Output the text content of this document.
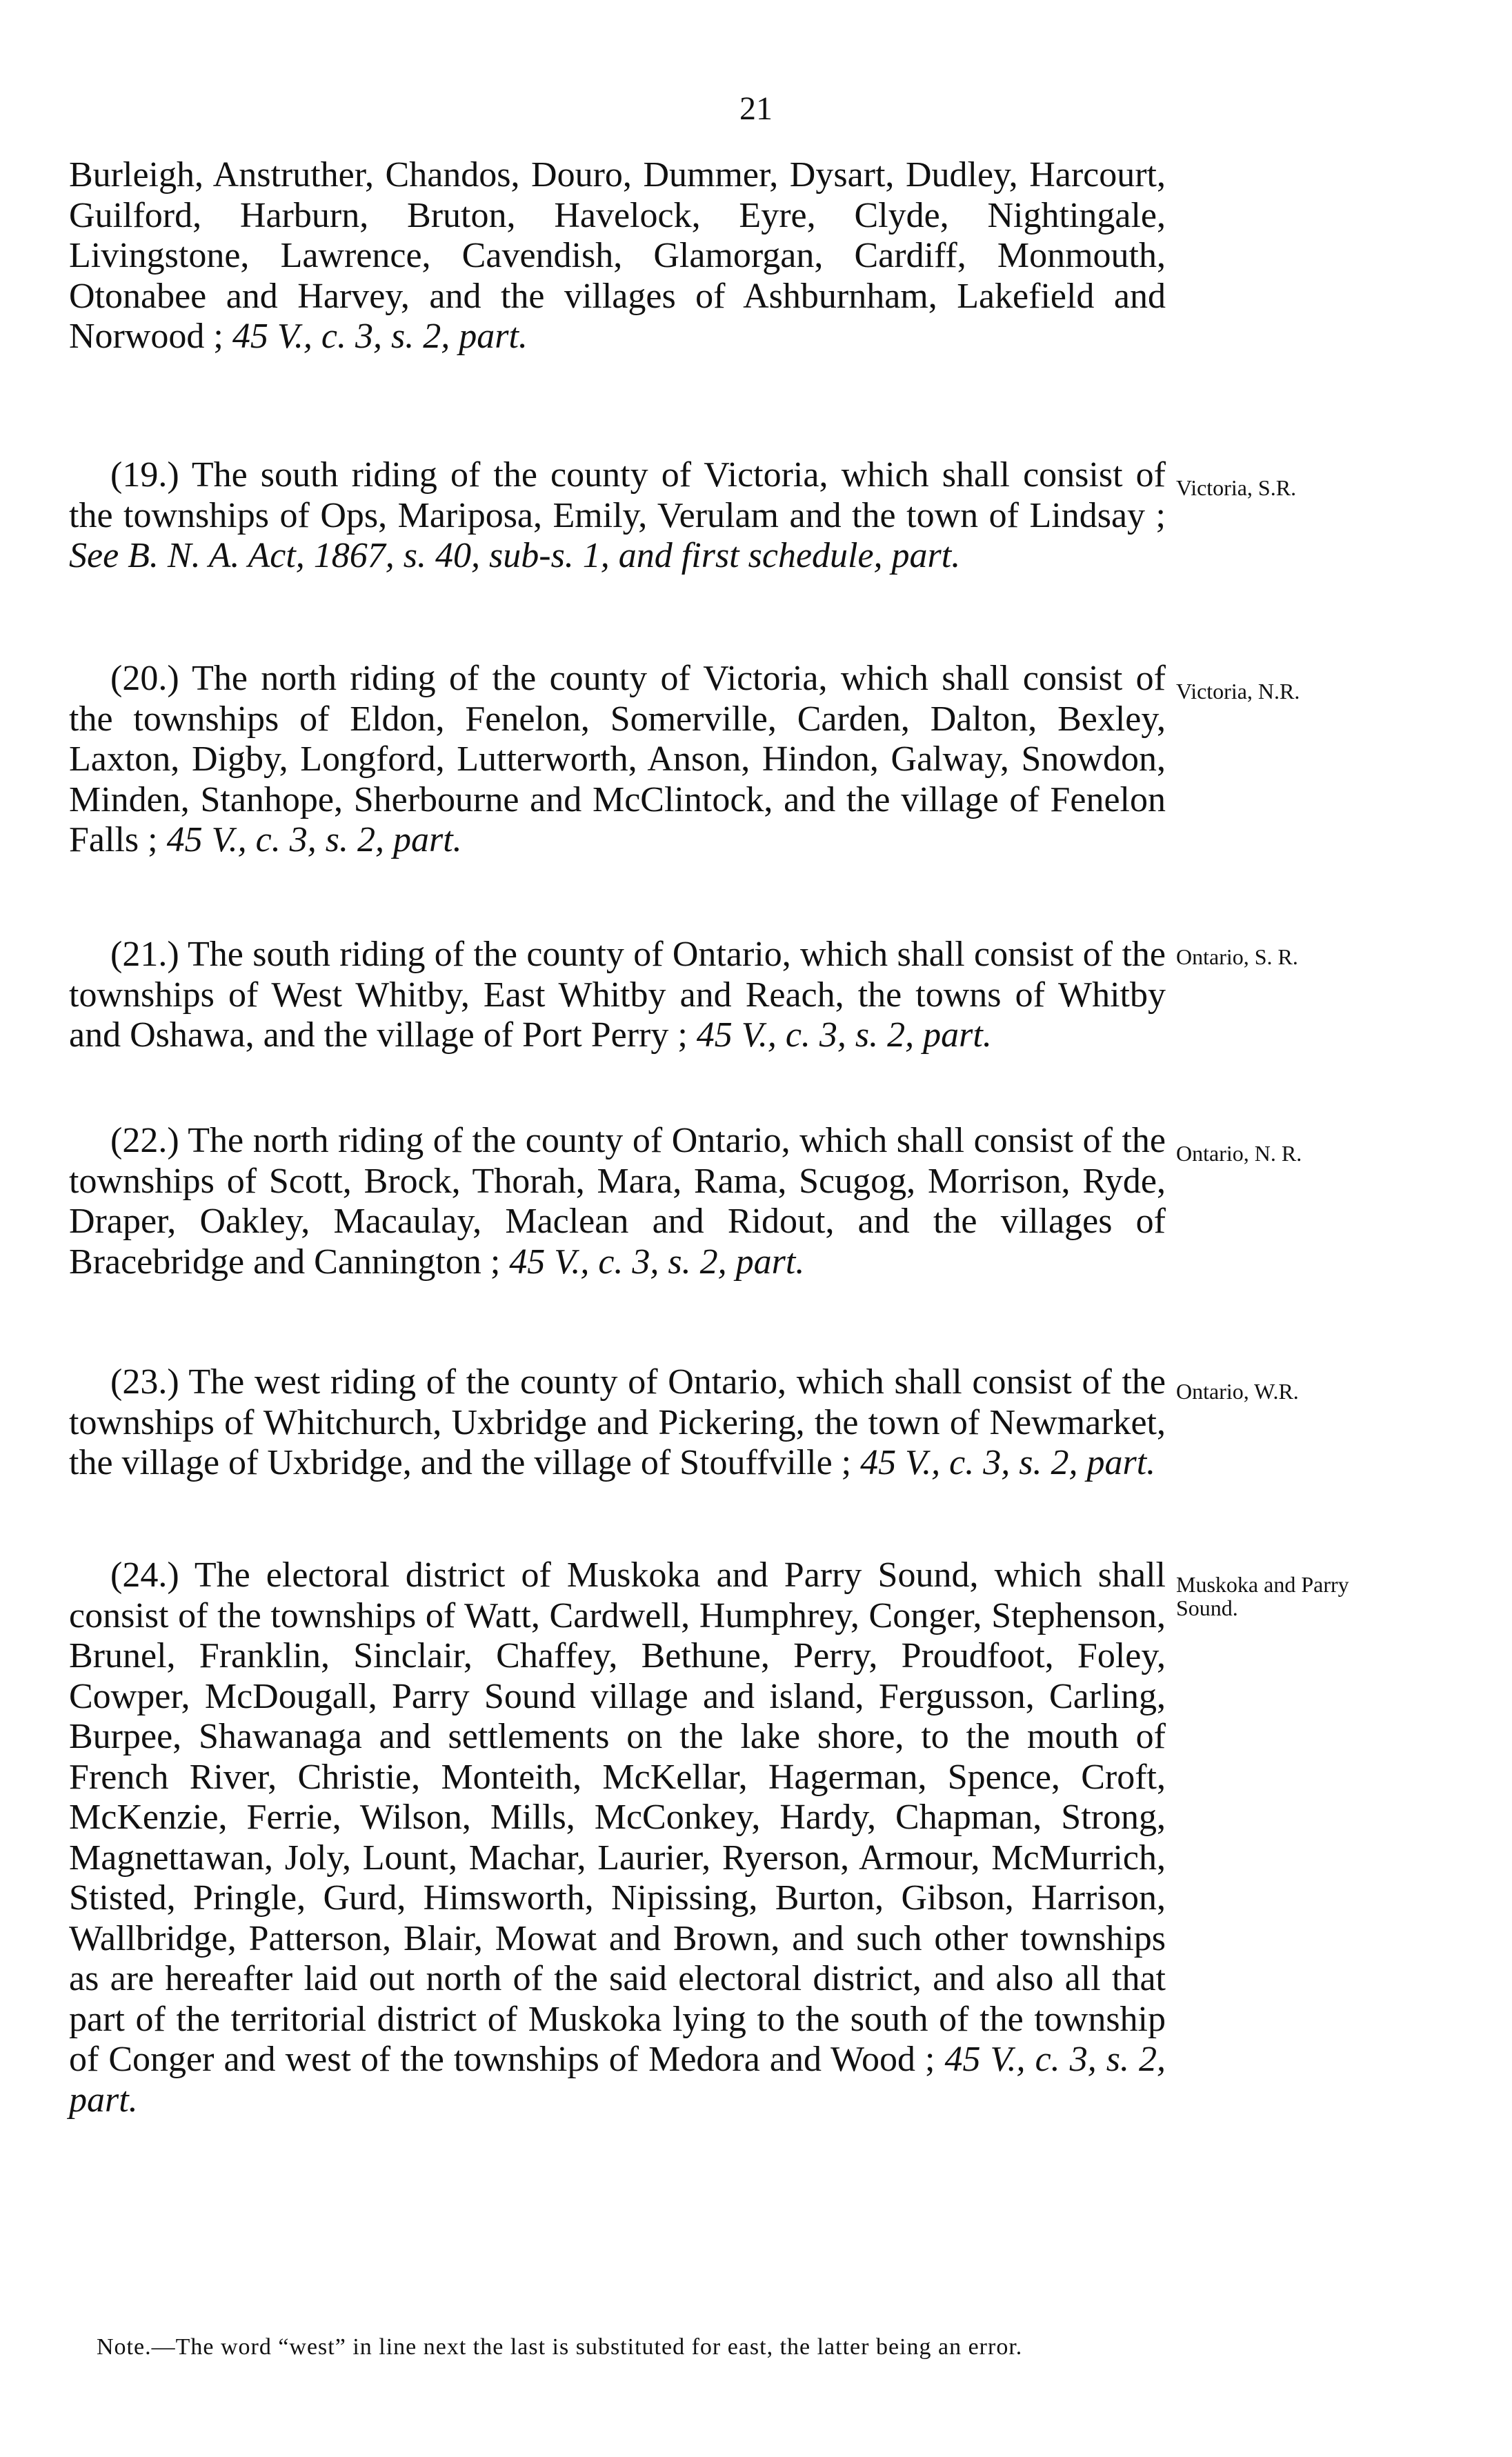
21
Burleigh, Anstruther, Chandos, Douro, Dummer, Dysart, Dudley, Harcourt, Guilford, Harburn, Bruton, Havelock, Eyre, Clyde, Nightingale, Livingstone, Lawrence, Cavendish, Glamorgan, Cardiff, Monmouth, Otonabee and Harvey, and the villages of Ashburnham, Lakefield and Norwood ; 45 V., c. 3, s. 2, part.
(19.) The south riding of the county of Victoria, which shall consist of the townships of Ops, Mariposa, Emily, Verulam and the town of Lindsay ; See B. N. A. Act, 1867, s. 40, sub-s. 1, and first schedule, part.
Victoria, S.R.
(20.) The north riding of the county of Victoria, which shall consist of the townships of Eldon, Fenelon, Somerville, Carden, Dalton, Bexley, Laxton, Digby, Longford, Lutterworth, Anson, Hindon, Galway, Snowdon, Minden, Stanhope, Sherbourne and McClintock, and the village of Fenelon Falls ; 45 V., c. 3, s. 2, part.
Victoria, N.R.
(21.) The south riding of the county of Ontario, which shall consist of the townships of West Whitby, East Whitby and Reach, the towns of Whitby and Oshawa, and the village of Port Perry ; 45 V., c. 3, s. 2, part.
Ontario, S. R.
(22.) The north riding of the county of Ontario, which shall consist of the townships of Scott, Brock, Thorah, Mara, Rama, Scugog, Morrison, Ryde, Draper, Oakley, Macaulay, Maclean and Ridout, and the villages of Bracebridge and Cannington ; 45 V., c. 3, s. 2, part.
Ontario, N. R.
(23.) The west riding of the county of Ontario, which shall consist of the townships of Whitchurch, Uxbridge and Pickering, the town of Newmarket, the village of Uxbridge, and the village of Stouffville ; 45 V., c. 3, s. 2, part.
Ontario, W.R.
(24.) The electoral district of Muskoka and Parry Sound, which shall consist of the townships of Watt, Cardwell, Humphrey, Conger, Stephenson, Brunel, Franklin, Sinclair, Chaffey, Bethune, Perry, Proudfoot, Foley, Cowper, McDougall, Parry Sound village and island, Fergusson, Carling, Burpee, Shawanaga and settlements on the lake shore, to the mouth of French River, Christie, Monteith, McKellar, Hagerman, Spence, Croft, McKenzie, Ferrie, Wilson, Mills, McConkey, Hardy, Chapman, Strong, Magnettawan, Joly, Lount, Machar, Laurier, Ryerson, Armour, McMurrich, Stisted, Pringle, Gurd, Himsworth, Nipissing, Burton, Gibson, Harrison, Wallbridge, Patterson, Blair, Mowat and Brown, and such other townships as are hereafter laid out north of the said electoral district, and also all that part of the territorial district of Muskoka lying to the south of the township of Conger and west of the townships of Medora and Wood ; 45 V., c. 3, s. 2, part.
Muskoka and Parry Sound.
Note.—The word “west” in line next the last is substituted for east, the latter being an error.
